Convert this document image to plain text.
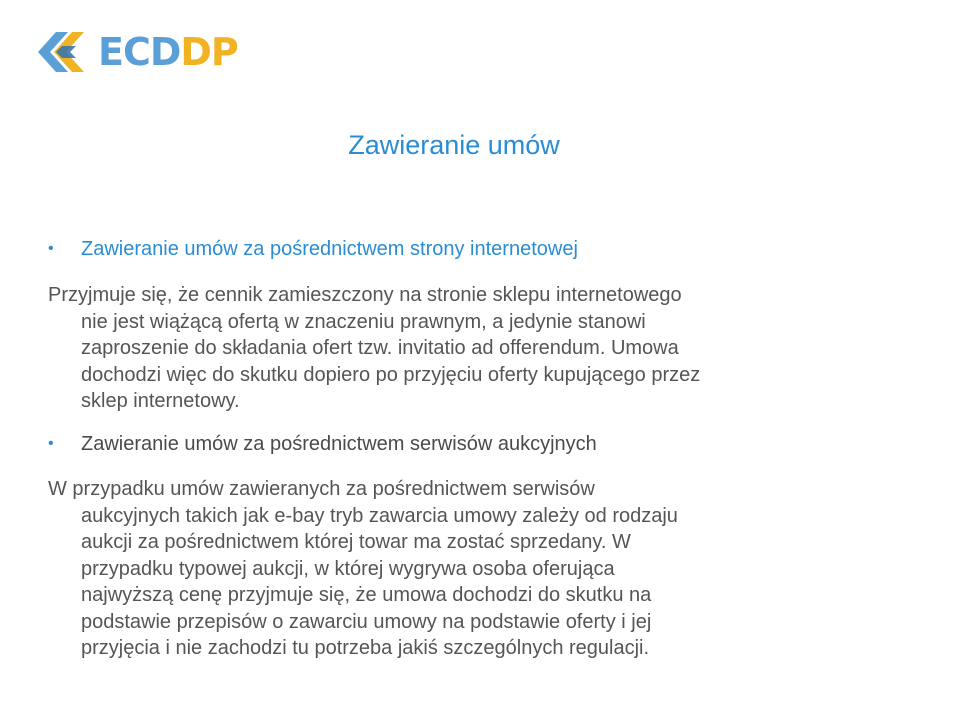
ECDDP
Zawieranie umów
• Zawieranie umów za pośrednictwem strony internetowej

Przyjmuje się, że cennik zamieszczony na stronie sklepu internetowego
nie jest wiążącą ofertą w znaczeniu prawnym, a jedynie stanowi
zaproszenie do składania ofert tzw. invitatio ad offerendum. Umowa
dochodzi więc do skutku dopiero po przyjęciu oferty kupującego przez
sklep internetowy.

• Zawieranie umów za pośrednictwem serwisów aukcyjnych

W przypadku umów zawieranych za pośrednictwem serwisów
aukcyjnych takich jak e-bay tryb zawarcia umowy zależy od rodzaju
aukcji za pośrednictwem której towar ma zostać sprzedany. W
przypadku typowej aukcji, w której wygrywa osoba oferująca
najwyższą cenę przyjmuje się, że umowa dochodzi do skutku na
podstawie przepisów o zawarciu umowy na podstawie oferty i jej
przyjęcia i nie zachodzi tu potrzeba jakiś szczególnych regulacji.
